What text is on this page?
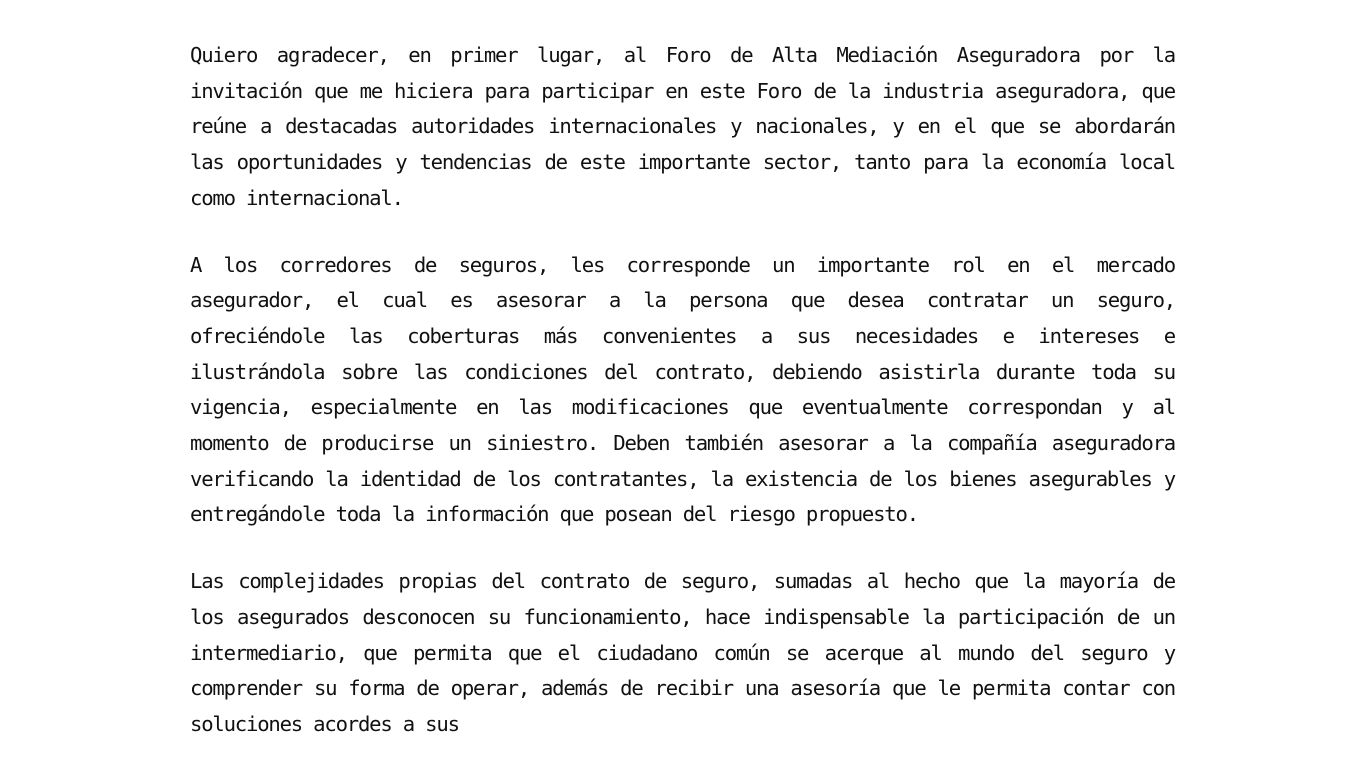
Quiero agradecer, en primer lugar, al Foro de Alta Mediación Aseguradora por la invitación que me hiciera para participar en este Foro de la industria aseguradora, que reúne a destacadas autoridades internacionales y nacionales, y en el que se abordarán las oportunidades y tendencias de este importante sector, tanto para la economía local como internacional.

A los corredores de seguros, les corresponde un importante rol en el mercado asegurador, el cual es asesorar a la persona que desea contratar un seguro, ofreciéndole las coberturas más convenientes a sus necesidades e intereses e ilustrándola sobre las condiciones del contrato, debiendo asistirla durante toda su vigencia, especialmente en las modificaciones que eventualmente correspondan y al momento de producirse un siniestro. Deben también asesorar a la compañía aseguradora verificando la identidad de los contratantes, la existencia de los bienes asegurables y entregándole toda la información que posean del riesgo propuesto.

Las complejidades propias del contrato de seguro, sumadas al hecho que la mayoría de los asegurados desconocen su funcionamiento, hace indispensable la participación de un intermediario, que permita que el ciudadano común se acerque al mundo del seguro y comprender su forma de operar, además de recibir una asesoría que le permita contar con soluciones acordes a sus
